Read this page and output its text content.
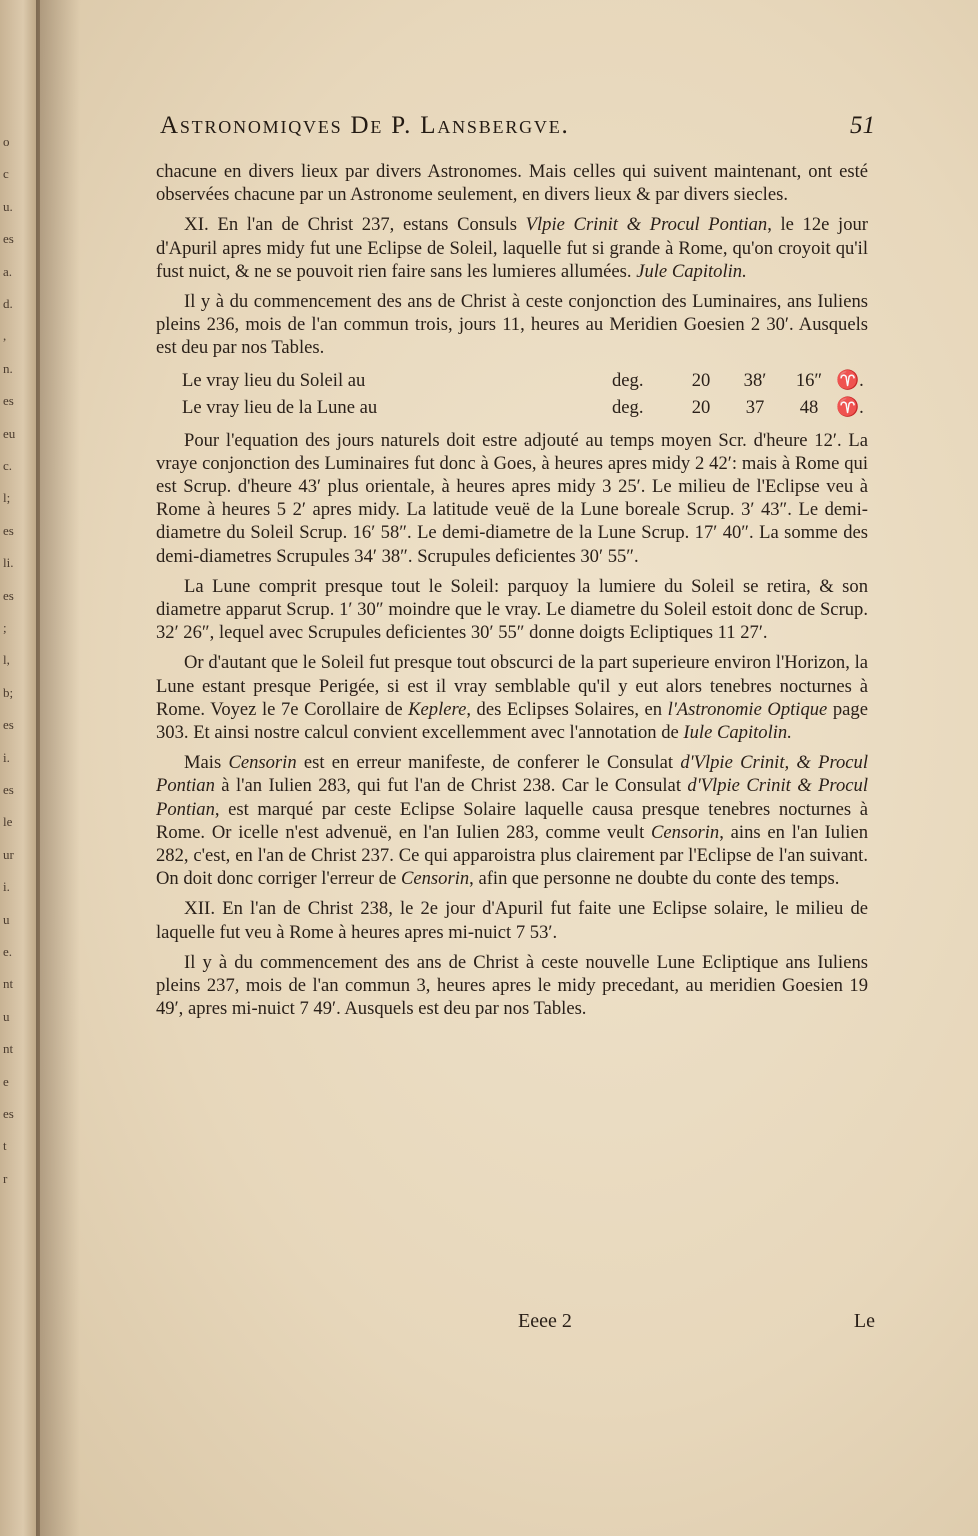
o
c
u.
es
a.
d.
,
n.
es
eu
c.
l;
es
li.
es
;
l,
b;
es
i.
es
le
ur
i.
u
e.
nt
u
nt
e
es
t
r
Astronomiqves De P. Lansbergve.	51

chacune en divers lieux par divers Astronomes. Mais celles qui suivent maintenant, ont esté observées chacune par un Astronome seulement, en divers lieux & par divers siecles.

XI. En l'an de Christ 237, estans Consuls Vlpie Crinit & Procul Pontian, le 12e jour d'Apuril apres midy fut une Eclipse de Soleil, laquelle fut si grande à Rome, qu'on croyoit qu'il fust nuict, & ne se pouvoit rien faire sans les lumieres allumées. Jule Capitolin.

Il y à du commencement des ans de Christ à ceste conjonction des Luminaires, ans Iuliens pleins 236, mois de l'an commun trois, jours 11, heures au Meridien Goesien 2 30′. Ausquels est deu par nos Tables.

Le vray lieu du Soleil au	deg.	20	38′	16″	♈.
Le vray lieu de la Lune au	deg.	20	37	48	♈.

Pour l'equation des jours naturels doit estre adjouté au temps moyen Scr. d'heure 12′. La vraye conjonction des Luminaires fut donc à Goes, à heures apres midy 2 42′: mais à Rome qui est Scrup. d'heure 43′ plus orientale, à heures apres midy 3 25′. Le milieu de l'Eclipse veu à Rome à heures 5 2′ apres midy. La latitude veuë de la Lune boreale Scrup. 3′ 43″. Le demi-diametre du Soleil Scrup. 16′ 58″. Le demi-diametre de la Lune Scrup. 17′ 40″. La somme des demi-diametres Scrupules 34′ 38″. Scrupules deficientes 30′ 55″.

La Lune comprit presque tout le Soleil: parquoy la lumiere du Soleil se retira, & son diametre apparut Scrup. 1′ 30″ moindre que le vray. Le diametre du Soleil estoit donc de Scrup. 32′ 26″, lequel avec Scrupules deficientes 30′ 55″ donne doigts Ecliptiques 11 27′.

Or d'autant que le Soleil fut presque tout obscurci de la part superieure environ l'Horizon, la Lune estant presque Perigée, si est il vray semblable qu'il y eut alors tenebres nocturnes à Rome. Voyez le 7e Corollaire de Keplere, des Eclipses Solaires, en l'Astronomie Optique page 303. Et ainsi nostre calcul convient excellemment avec l'annotation de Iule Capitolin.

Mais Censorin est en erreur manifeste, de conferer le Consulat d'Vlpie Crinit, & Procul Pontian à l'an Iulien 283, qui fut l'an de Christ 238. Car le Consulat d'Vlpie Crinit & Procul Pontian, est marqué par ceste Eclipse Solaire laquelle causa presque tenebres nocturnes à Rome. Or icelle n'est advenuë, en l'an Iulien 283, comme veult Censorin, ains en l'an Iulien 282, c'est, en l'an de Christ 237. Ce qui apparoistra plus clairement par l'Eclipse de l'an suivant. On doit donc corriger l'erreur de Censorin, afin que personne ne doubte du conte des temps.

XII. En l'an de Christ 238, le 2e jour d'Apuril fut faite une Eclipse solaire, le milieu de laquelle fut veu à Rome à heures apres mi-nuict 7 53′.

Il y à du commencement des ans de Christ à ceste nouvelle Lune Ecliptique ans Iuliens pleins 237, mois de l'an commun 3, heures apres le midy precedant, au meridien Goesien 19 49′, apres mi-nuict 7 49′. Ausquels est deu par nos Tables.

Eeee 2	Le
